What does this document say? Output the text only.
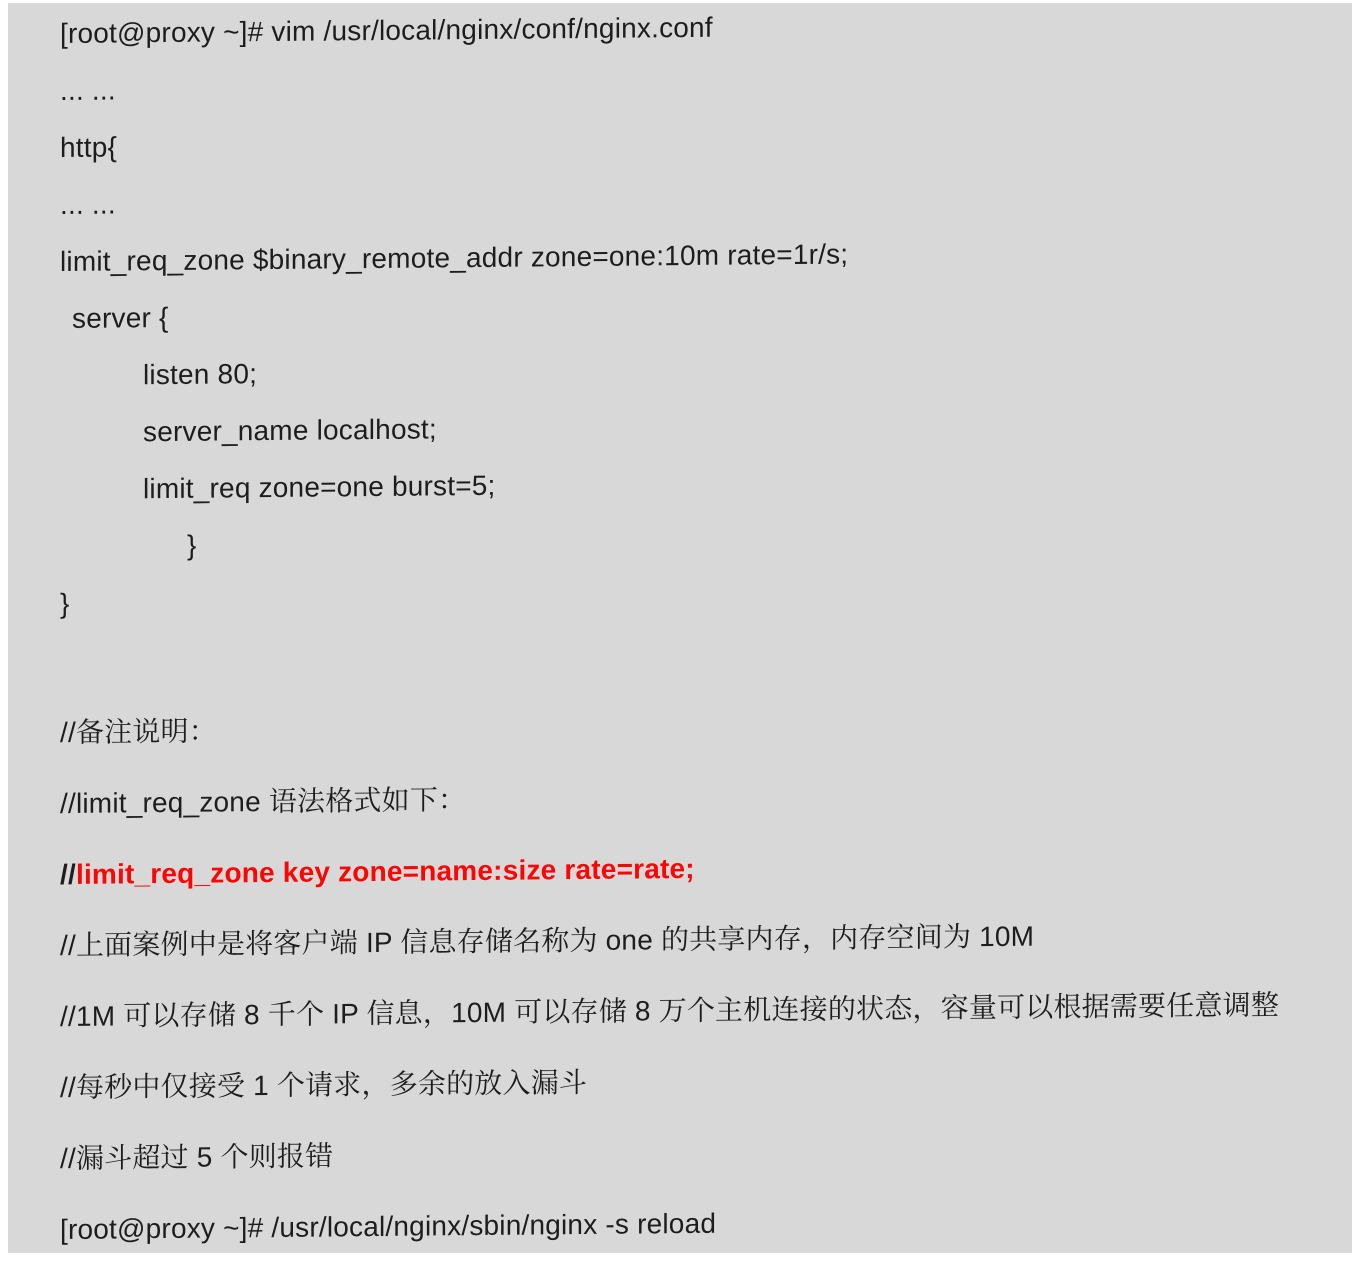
[root@proxy ~]# vim /usr/local/nginx/conf/nginx.conf
... ...
http{
... ...
limit_req_zone $binary_remote_addr zone=one:10m rate=1r/s;
server {
listen 80;
server_name localhost;
limit_req zone=one burst=5;
}
}
//备注说明：
//limit_req_zone 语法格式如下：
//limit_req_zone key zone=name:size rate=rate;
//上面案例中是将客户端 IP 信息存储名称为 one 的共享内存，内存空间为 10M
//1M 可以存储 8 千个 IP 信息，10M 可以存储 8 万个主机连接的状态，容量可以根据需要任意调整
//每秒中仅接受 1 个请求，多余的放入漏斗
//漏斗超过 5 个则报错
[root@proxy ~]# /usr/local/nginx/sbin/nginx -s reload
